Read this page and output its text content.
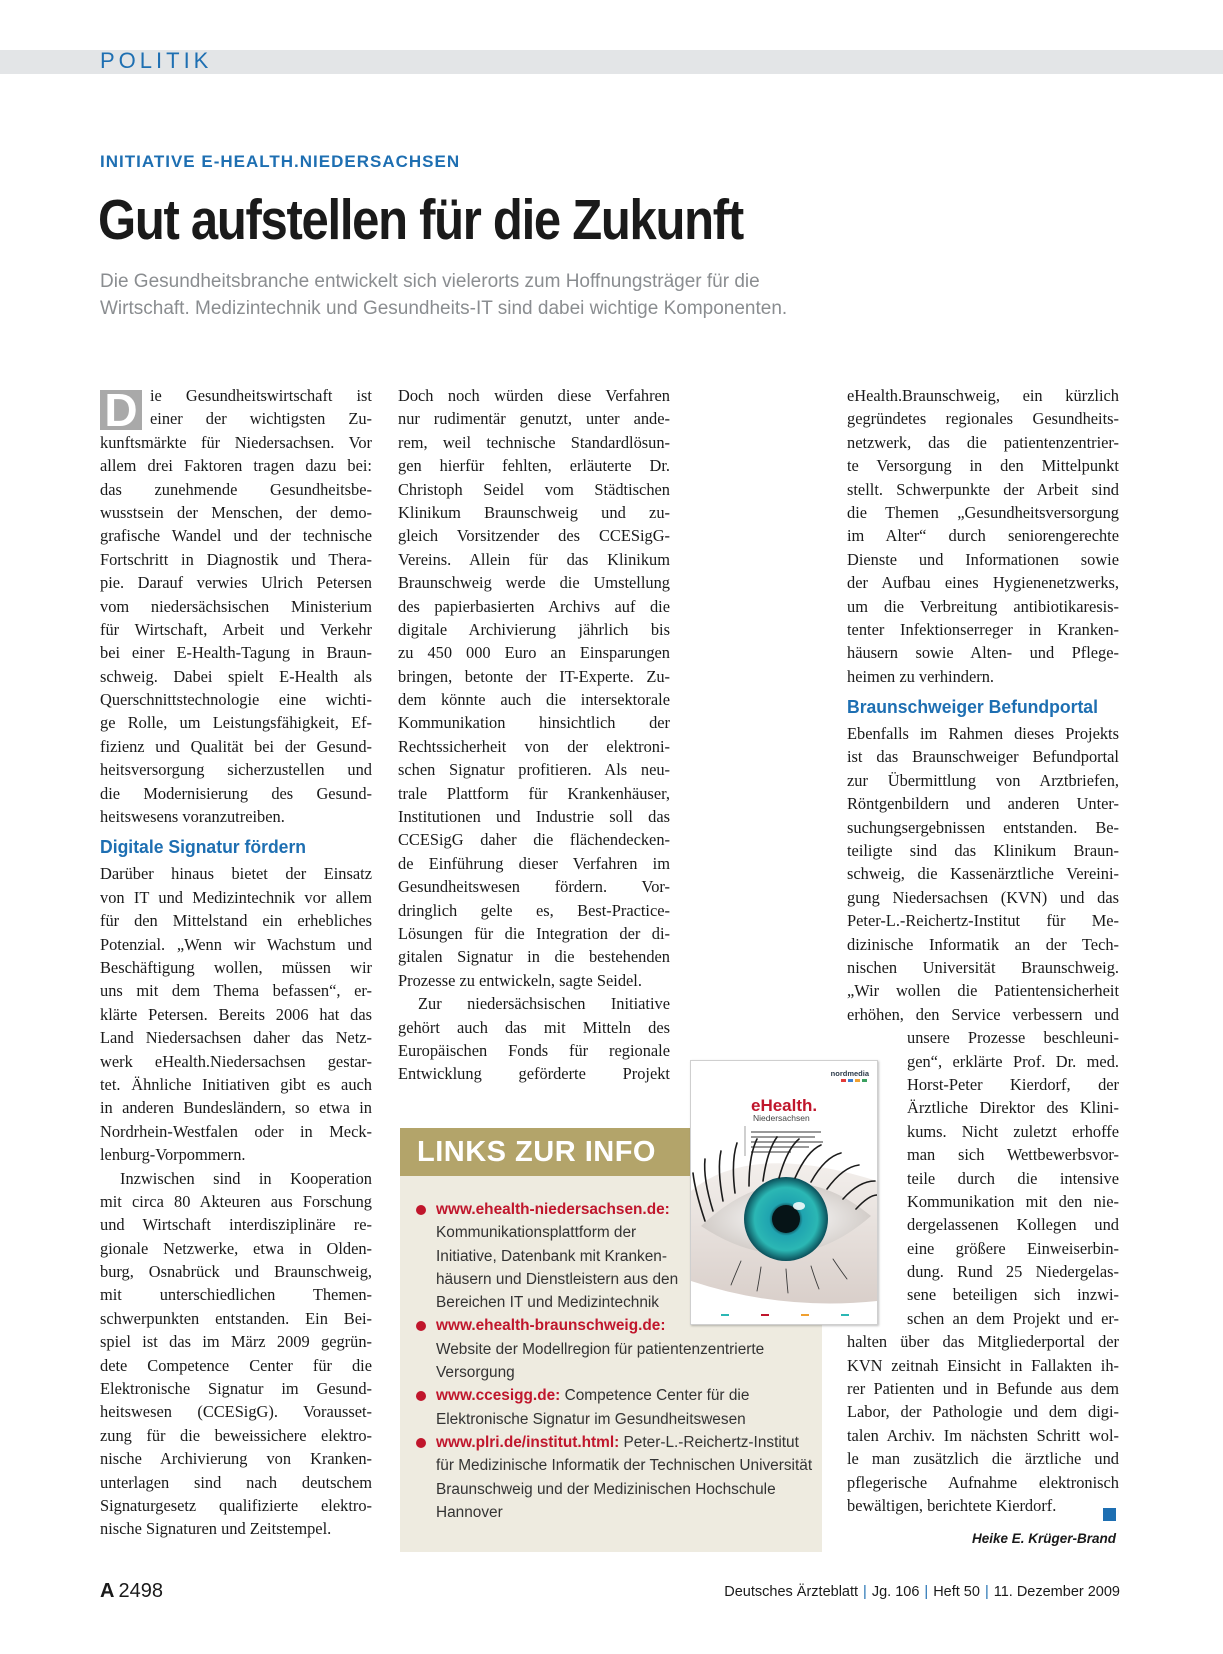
POLITIK
INITIATIVE E-HEALTH.NIEDERSACHSEN
Gut aufstellen für die Zukunft
Die Gesundheitsbranche entwickelt sich vielerorts zum Hoffnungsträger für die
Wirtschaft. Medizintechnik und Gesundheits-IT sind dabei wichtige Komponenten.
D ie Gesundheitswirtschaft ist
einer der wichtigsten Zu-
kunftsmärkte für Niedersachsen. Vor
allem drei Faktoren tragen dazu bei:
das zunehmende Gesundheitsbe-
wusstsein der Menschen, der demo-
grafische Wandel und der technische
Fortschritt in Diagnostik und Thera-
pie. Darauf verwies Ulrich Petersen
vom niedersächsischen Ministerium
für Wirtschaft, Arbeit und Verkehr
bei einer E-Health-Tagung in Braun-
schweig. Dabei spielt E-Health als
Querschnittstechnologie eine wichti-
ge Rolle, um Leistungsfähigkeit, Ef-
fizienz und Qualität bei der Gesund-
heitsversorgung sicherzustellen und
die Modernisierung des Gesund-
heitswesens voranzutreiben.
Digitale Signatur fördern
Darüber hinaus bietet der Einsatz
von IT und Medizintechnik vor allem
für den Mittelstand ein erhebliches
Potenzial. „Wenn wir Wachstum und
Beschäftigung wollen, müssen wir
uns mit dem Thema befassen“, er-
klärte Petersen. Bereits 2006 hat das
Land Niedersachsen daher das Netz-
werk eHealth.Niedersachsen gestar-
tet. Ähnliche Initiativen gibt es auch
in anderen Bundesländern, so etwa in
Nordrhein-Westfalen oder in Meck-
lenburg-Vorpommern.
Inzwischen sind in Kooperation
mit circa 80 Akteuren aus Forschung
und Wirtschaft interdisziplinäre re-
gionale Netzwerke, etwa in Olden-
burg, Osnabrück und Braunschweig,
mit unterschiedlichen Themen-
schwerpunkten entstanden. Ein Bei-
spiel ist das im März 2009 gegrün-
dete Competence Center für die
Elektronische Signatur im Gesund-
heitswesen (CCESigG). Vorausset-
zung für die beweissichere elektro-
nische Archivierung von Kranken-
unterlagen sind nach deutschem
Signaturgesetz qualifizierte elektro-
nische Signaturen und Zeitstempel.
Doch noch würden diese Verfahren
nur rudimentär genutzt, unter ande-
rem, weil technische Standardlösun-
gen hierfür fehlten, erläuterte Dr.
Christoph Seidel vom Städtischen
Klinikum Braunschweig und zu-
gleich Vorsitzender des CCESigG-
Vereins. Allein für das Klinikum
Braunschweig werde die Umstellung
des papierbasierten Archivs auf die
digitale Archivierung jährlich bis
zu 450 000 Euro an Einsparungen
bringen, betonte der IT-Experte. Zu-
dem könnte auch die intersektorale
Kommunikation hinsichtlich der
Rechtssicherheit von der elektroni-
schen Signatur profitieren. Als neu-
trale Plattform für Krankenhäuser,
Institutionen und Industrie soll das
CCESigG daher die flächendecken-
de Einführung dieser Verfahren im
Gesundheitswesen fördern. Vor-
dringlich gelte es, Best-Practice-
Lösungen für die Integration der di-
gitalen Signatur in die bestehenden
Prozesse zu entwickeln, sagte Seidel.
Zur niedersächsischen Initiative
gehört auch das mit Mitteln des
Europäischen Fonds für regionale
Entwicklung geförderte Projekt
eHealth.Braunschweig, ein kürzlich
gegründetes regionales Gesundheits-
netzwerk, das die patientenzentrier-
te Versorgung in den Mittelpunkt
stellt. Schwerpunkte der Arbeit sind
die Themen „Gesundheitsversorgung
im Alter“ durch seniorengerechte
Dienste und Informationen sowie
der Aufbau eines Hygienenetzwerks,
um die Verbreitung antibiotikaresis-
tenter Infektionserreger in Kranken-
häusern sowie Alten- und Pflege-
heimen zu verhindern.
Braunschweiger Befundportal
Ebenfalls im Rahmen dieses Projekts
ist das Braunschweiger Befundportal
zur Übermittlung von Arztbriefen,
Röntgenbildern und anderen Unter-
suchungsergebnissen entstanden. Be-
teiligte sind das Klinikum Braun-
schweig, die Kassenärztliche Vereini-
gung Niedersachsen (KVN) und das
Peter-L.-Reichertz-Institut für Me-
dizinische Informatik an der Tech-
nischen Universität Braunschweig.
„Wir wollen die Patientensicherheit
erhöhen, den Service verbessern und
unsere Prozesse beschleuni-
gen“, erklärte Prof. Dr. med.
Horst-Peter Kierdorf, der
Ärztliche Direktor des Klini-
kums. Nicht zuletzt erhoffe
man sich Wettbewerbsvor-
teile durch die intensive
Kommunikation mit den nie-
dergelassenen Kollegen und
eine größere Einweiserbin-
dung. Rund 25 Niedergelas-
sene beteiligen sich inzwi-
schen an dem Projekt und er-
halten über das Mitgliederportal der
KVN zeitnah Einsicht in Fallakten ih-
rer Patienten und in Befunde aus dem
Labor, der Pathologie und dem digi-
talen Archiv. Im nächsten Schritt wol-
le man zusätzlich die ärztliche und
pflegerische Aufnahme elektronisch
bewältigen, berichtete Kierdorf.
LINKS ZUR INFO
www.ehealth-niedersachsen.de:
Kommunikationsplattform der
Initiative, Datenbank mit Kranken-
häusern und Dienstleistern aus den
Bereichen IT und Medizintechnik
www.ehealth-braunschweig.de:
Website der Modellregion für patientenzentrierte
Versorgung
www.ccesigg.de: Competence Center für die
Elektronische Signatur im Gesundheitswesen
www.plri.de/institut.html: Peter-L.-Reichertz-Institut
für Medizinische Informatik der Technischen Universität
Braunschweig und der Medizinischen Hochschule
Hannover
nordmedia
eHealth.
Niedersachsen
Heike E. Krüger-Brand
A 2498	Deutsches Ärzteblatt | Jg. 106 | Heft 50 | 11. Dezember 2009
